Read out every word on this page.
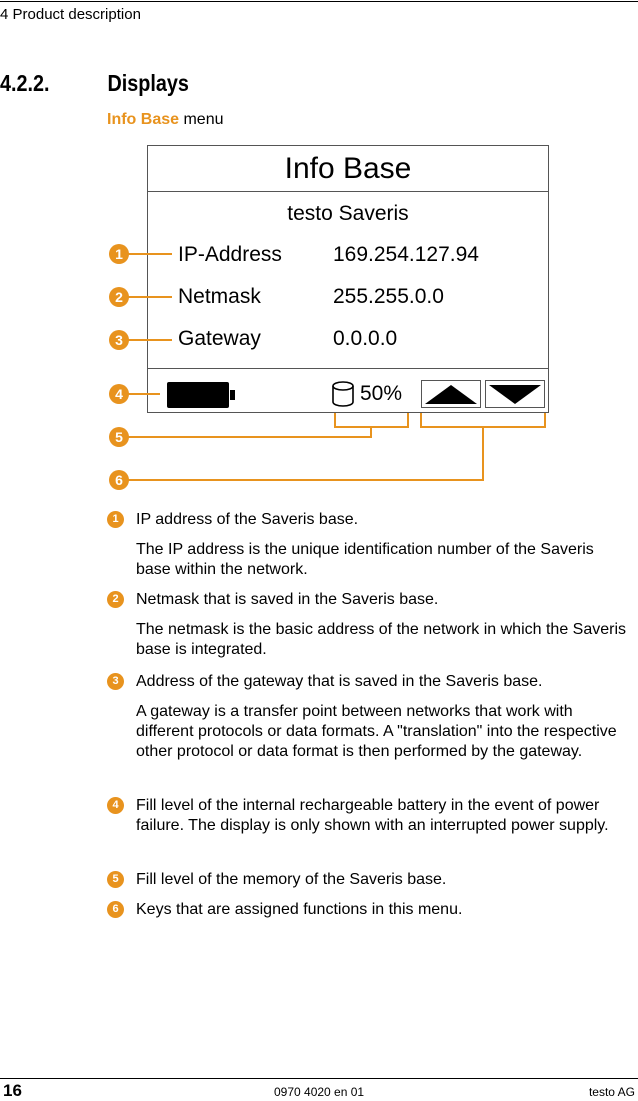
4 Product description
4.2.2.	Displays
Info Base menu
Info Base
testo Saveris
IP-Address 169.254.127.94
Netmask	255.255.0.0
Gateway	0.0.0.0
50%
1
2
3
4
5
6
1	IP address of the Saveris base.
The IP address is the unique identification number of the Saveris base within the network.
2	Netmask that is saved in the Saveris base.
The netmask is the basic address of the network in which the Saveris base is integrated.
3	Address of the gateway that is saved in the Saveris base.
A gateway is a transfer point between networks that work with different protocols or data formats. A "translation" into the respective other protocol or data format is then performed by the gateway.
4	Fill level of the internal rechargeable battery in the event of power failure. The display is only shown with an interrupted power supply.
5	Fill level of the memory of the Saveris base.
6	Keys that are assigned functions in this menu.
16	0970 4020 en 01	testo AG
